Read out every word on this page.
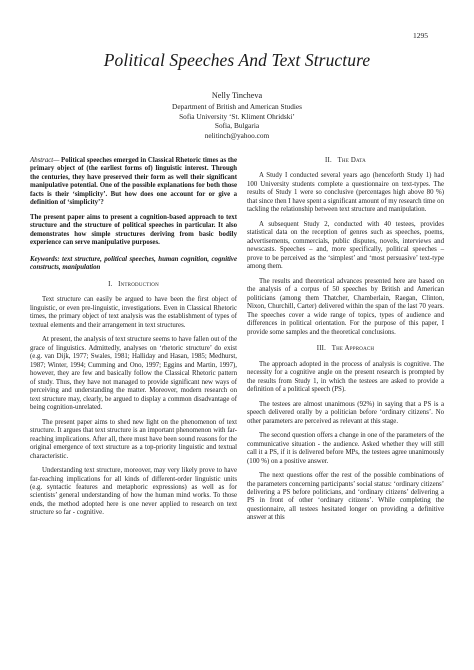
1295
Political Speeches And Text Structure
Nelly Tincheva
Department of British and American Studies
Sofia University ‘St. Kliment Ohridski’
Sofia, Bulgaria
nelitinch@yahoo.com

Abstract— Political speeches emerged in Classical Rhetoric times as the primary object of (the earliest forms of) linguistic interest. Through the centuries, they have preserved their form as well their significant manipulative potential. One of the possible explanations for both those facts is their ‘simplicity’. But how does one account for or give a definition of ‘simplicity’?

The present paper aims to present a cognition-based approach to text structure and the structure of political speeches in particular. It also demonstrates how simple structures deriving from basic bodily experience can serve manipulative purposes.

Keywords: text structure, political speeches, human cognition, cognitive constructs, manipulation

I. Introduction

Text structure can easily be argued to have been the first object of linguistic, or even pre-linguistic, investigations. Even in Classical Rhetoric times, the primary object of text analysis was the establishment of types of textual elements and their arrangement in text structures.

At present, the analysis of text structure seems to have fallen out of the grace of linguistics. Admittedly, analyses on ‘rhetoric structure’ do exist (e.g. van Dijk, 1977; Swales, 1981; Halliday and Hasan, 1985; Medhurst, 1987; Winter, 1994; Cumming and Ono, 1997; Eggins and Martin, 1997), however, they are few and basically follow the Classical Rhetoric pattern of study. Thus, they have not managed to provide significant new ways of perceiving and understanding the matter. Moreover, modern research on text structure may, clearly, be argued to display a common disadvantage of being cognition-unrelated.

The present paper aims to shed new light on the phenomenon of text structure. It argues that text structure is an important phenomenon with far-reaching implications. After all, there must have been sound reasons for the original emergence of text structure as a top-priority linguistic and textual characteristic.

Understanding text structure, moreover, may very likely prove to have far-reaching implications for all kinds of different-order linguistic units (e.g. syntactic features and metaphoric expressions) as well as for scientists’ general understanding of how the human mind works. To those ends, the method adopted here is one never applied to research on text structure so far - cognitive.

II. The Data

A Study I conducted several years ago (henceforth Study 1) had 100 University students complete a questionnaire on text-types. The results of Study 1 were so conclusive (percentages high above 80 %) that since then I have spent a significant amount of my research time on tackling the relationship between text structure and manipulation.

A subsequent Study 2, conducted with 40 testees, provides statistical data on the reception of genres such as speeches, poems, advertisements, commercials, public disputes, novels, interviews and newscasts. Speeches – and, more specifically, political speeches – prove to be perceived as the ‘simplest’ and ‘most persuasive’ text-type among them.

The results and theoretical advances presented here are based on the analysis of a corpus of 50 speeches by British and American politicians (among them Thatcher, Chamberlain, Raegan, Clinton, Nixon, Churchill, Carter) delivered within the span of the last 70 years. The speeches cover a wide range of topics, types of audience and differences in political orientation. For the purpose of this paper, I provide some samples and the theoretical conclusions.

III. The Approach

The approach adopted in the process of analysis is cognitive. The necessity for a cognitive angle on the present research is prompted by the results from Study 1, in which the testees are asked to provide a definition of a political speech (PS).

The testees are almost unanimous (92%) in saying that a PS is a speech delivered orally by a politician before ‘ordinary citizens’. No other parameters are perceived as relevant at this stage.

The second question offers a change in one of the parameters of the communicative situation - the audience. Asked whether they will still call it a PS, if it is delivered before MPs, the testees agree unanimously (100 %) on a positive answer.

The next questions offer the rest of the possible combinations of the parameters concerning participants’ social status: ‘ordinary citizens’ delivering a PS before politicians, and ‘ordinary citizens’ delivering a PS in front of other ‘ordinary citizens’. While completing the questionnaire, all testees hesitated longer on providing a definitive answer at this
